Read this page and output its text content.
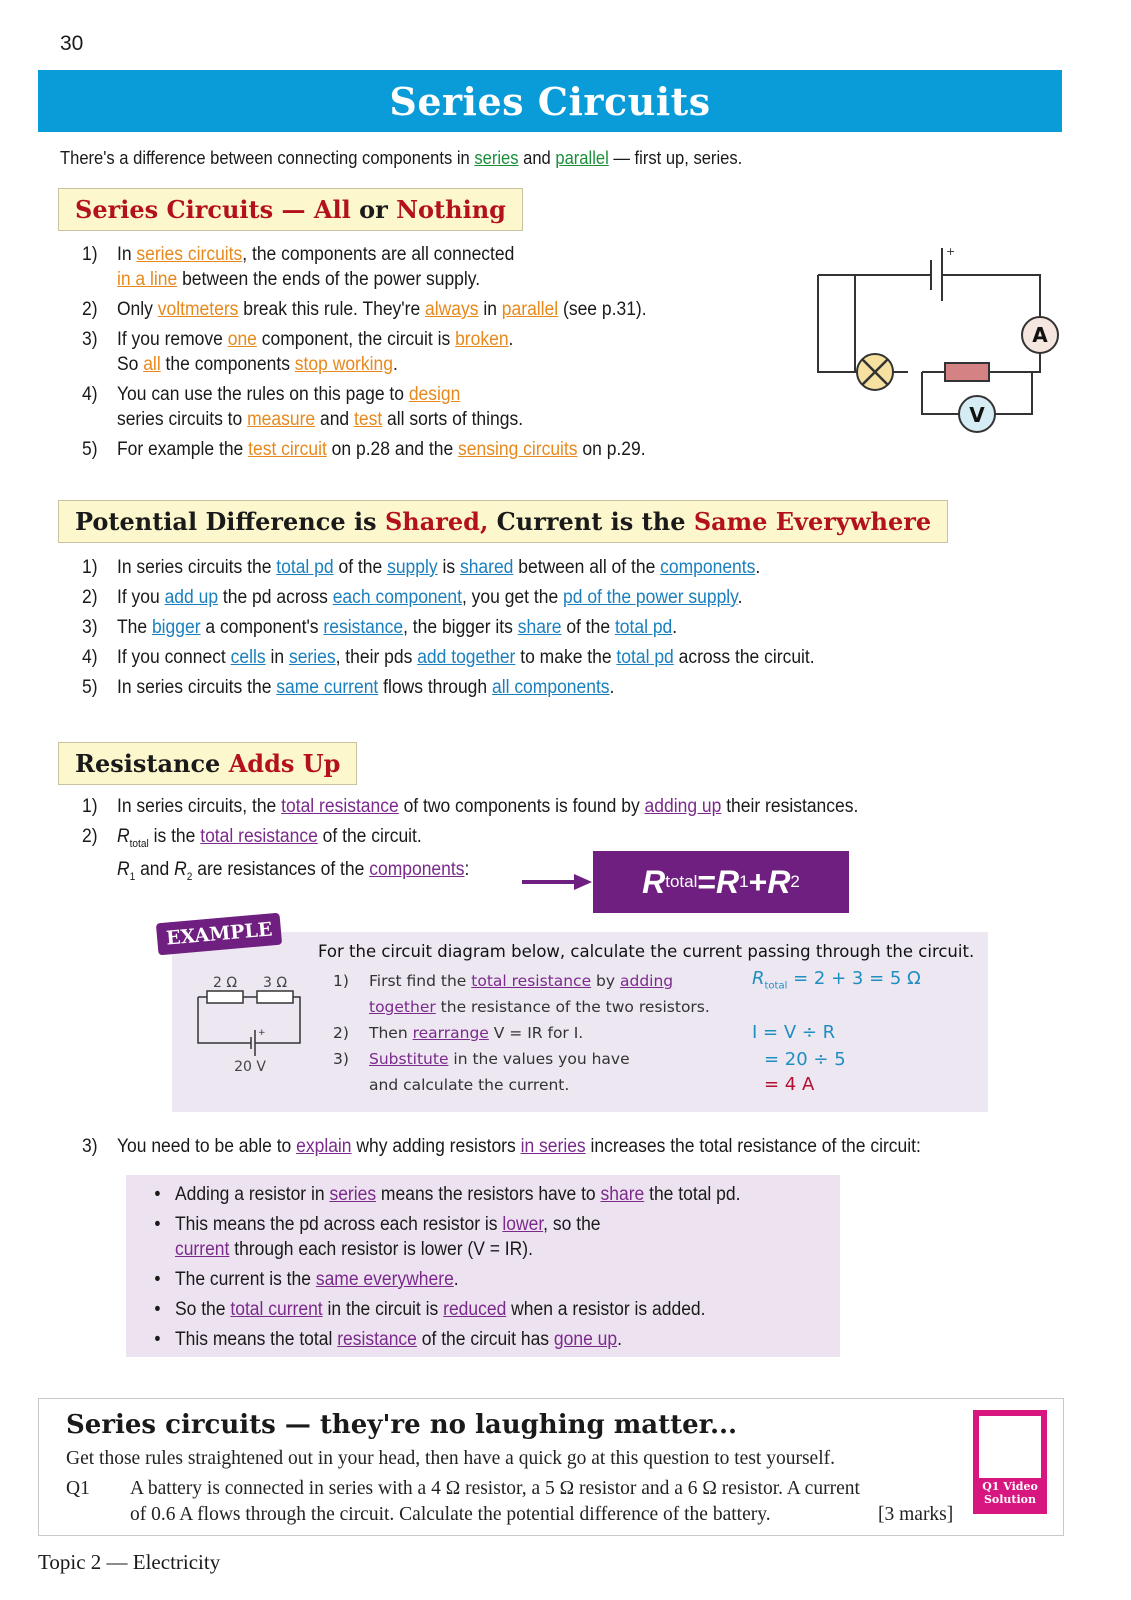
30
Series Circuits
There's a difference between connecting components in series and parallel — first up, series.
Series Circuits — All or Nothing
1)	In series circuits, the components are all connected
in a line between the ends of the power supply.
2)	Only voltmeters break this rule. They're always in parallel (see p.31).
3)	If you remove one component, the circuit is broken.
So all the components stop working.
4)	You can use the rules on this page to design
series circuits to measure and test all sorts of things.
5)	For example the test circuit on p.28 and the sensing circuits on p.29.
+
A
V
Potential Difference is Shared, Current is the Same Everywhere
1)	In series circuits the total pd of the supply is shared between all of the components.
2)	If you add up the pd across each component, you get the pd of the power supply.
3)	The bigger a component's resistance, the bigger its share of the total pd.
4)	If you connect cells in series, their pds add together to make the total pd across the circuit.
5)	In series circuits the same current flows through all components.
Resistance Adds Up
1)	In series circuits, the total resistance of two components is found by adding up their resistances.
2)	$R_{total}$ is the total resistance of the circuit.
$R_1$ and $R_2$ are resistances of the components:	R total = R 1 + R 2
EXAMPLE
For the circuit diagram below, calculate the current passing through the circuit.
2 Ω 3 Ω
+
20 V
1)	First find the total resistance by adding
together the resistance of the two resistors.
2)	Then rearrange V = IR for I.
3)	Substitute in the values you have
and calculate the current.
$R_{total} = 2 + 3 = 5$ Ω
I = V ÷ R
= 20 ÷ 5
= 4 A
3)	You need to be able to explain why adding resistors in series increases the total resistance of the circuit:
• Adding a resistor in series means the resistors have to share the total pd.
• This means the pd across each resistor is lower, so the
current through each resistor is lower (V = IR).
• The current is the same everywhere.
• So the total current in the circuit is reduced when a resistor is added.
• This means the total resistance of the circuit has gone up.
Series circuits — they're no laughing matter...
Get those rules straightened out in your head, then have a quick go at this question to test yourself.
Q1 A battery is connected in series with a 4 Ω resistor, a 5 Ω resistor and a 6 Ω resistor. A current
of 0.6 A flows through the circuit. Calculate the potential difference of the battery.	[3 marks]
Q1 Video
Solution
Topic 2 — Electricity
